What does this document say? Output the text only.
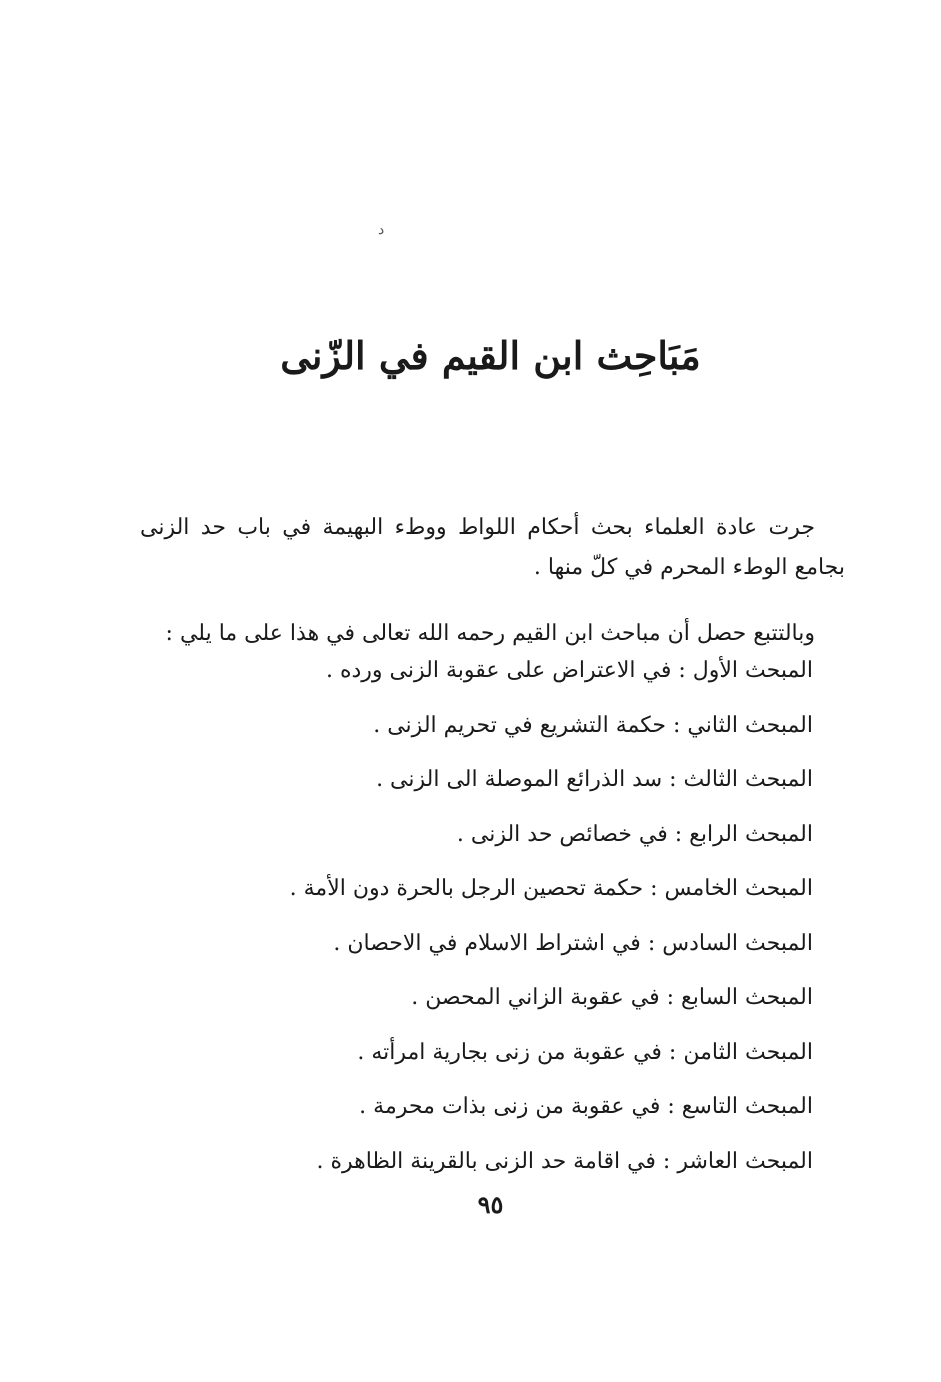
د
مَبَاحِث ابن القيم في الزّنى

جرت عادة العلماء بحث أحكام اللواط ووطء البهيمة في باب حد الزنى بجامع الوطء المحرم في كلّ منها .

وبالتتبع حصل أن مباحث ابن القيم رحمه الله تعالى في هذا على ما يلي :

المبحث الأول : في الاعتراض على عقوبة الزنى ورده .
المبحث الثاني : حكمة التشريع في تحريم الزنى .
المبحث الثالث : سد الذرائع الموصلة الى الزنى .
المبحث الرابع : في خصائص حد الزنى .
المبحث الخامس : حكمة تحصين الرجل بالحرة دون الأمة .
المبحث السادس : في اشتراط الاسلام في الاحصان .
المبحث السابع : في عقوبة الزاني المحصن .
المبحث الثامن : في عقوبة من زنى بجارية امرأته .
المبحث التاسع : في عقوبة من زنى بذات محرمة .
المبحث العاشر : في اقامة حد الزنى بالقرينة الظاهرة .
٩٥
